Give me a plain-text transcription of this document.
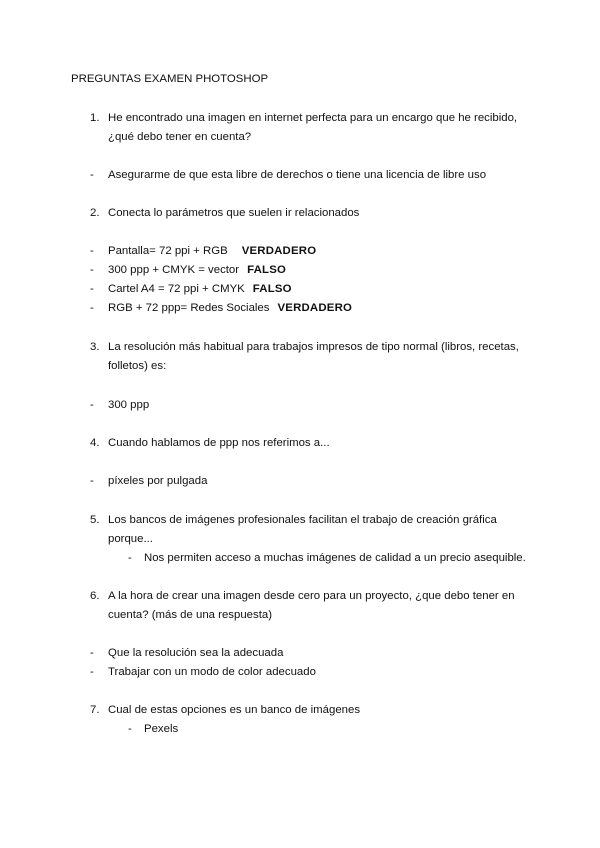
PREGUNTAS EXAMEN PHOTOSHOP
1. He encontrado una imagen en internet perfecta para un encargo que he recibido,
¿qué debo tener en cuenta?
- Asegurarme de que esta libre de derechos o tiene una licencia de libre uso
2. Conecta lo parámetros que suelen ir relacionados
- Pantalla= 72 ppi + RGB VERDADERO
- 300 ppp + CMYK = vector FALSO
- Cartel A4 = 72 ppi + CMYK FALSO
- RGB + 72 ppp= Redes Sociales VERDADERO
3. La resolución más habitual para trabajos impresos de tipo normal (libros, recetas,
folletos) es:
- 300 ppp
4. Cuando hablamos de ppp nos referimos a...
- píxeles por pulgada
5. Los bancos de imágenes profesionales facilitan el trabajo de creación gráfica
porque...
- Nos permiten acceso a muchas imágenes de calidad a un precio asequible.
6. A la hora de crear una imagen desde cero para un proyecto, ¿que debo tener en
cuenta? (más de una respuesta)
- Que la resolución sea la adecuada
- Trabajar con un modo de color adecuado
7. Cual de estas opciones es un banco de imágenes
- Pexels
